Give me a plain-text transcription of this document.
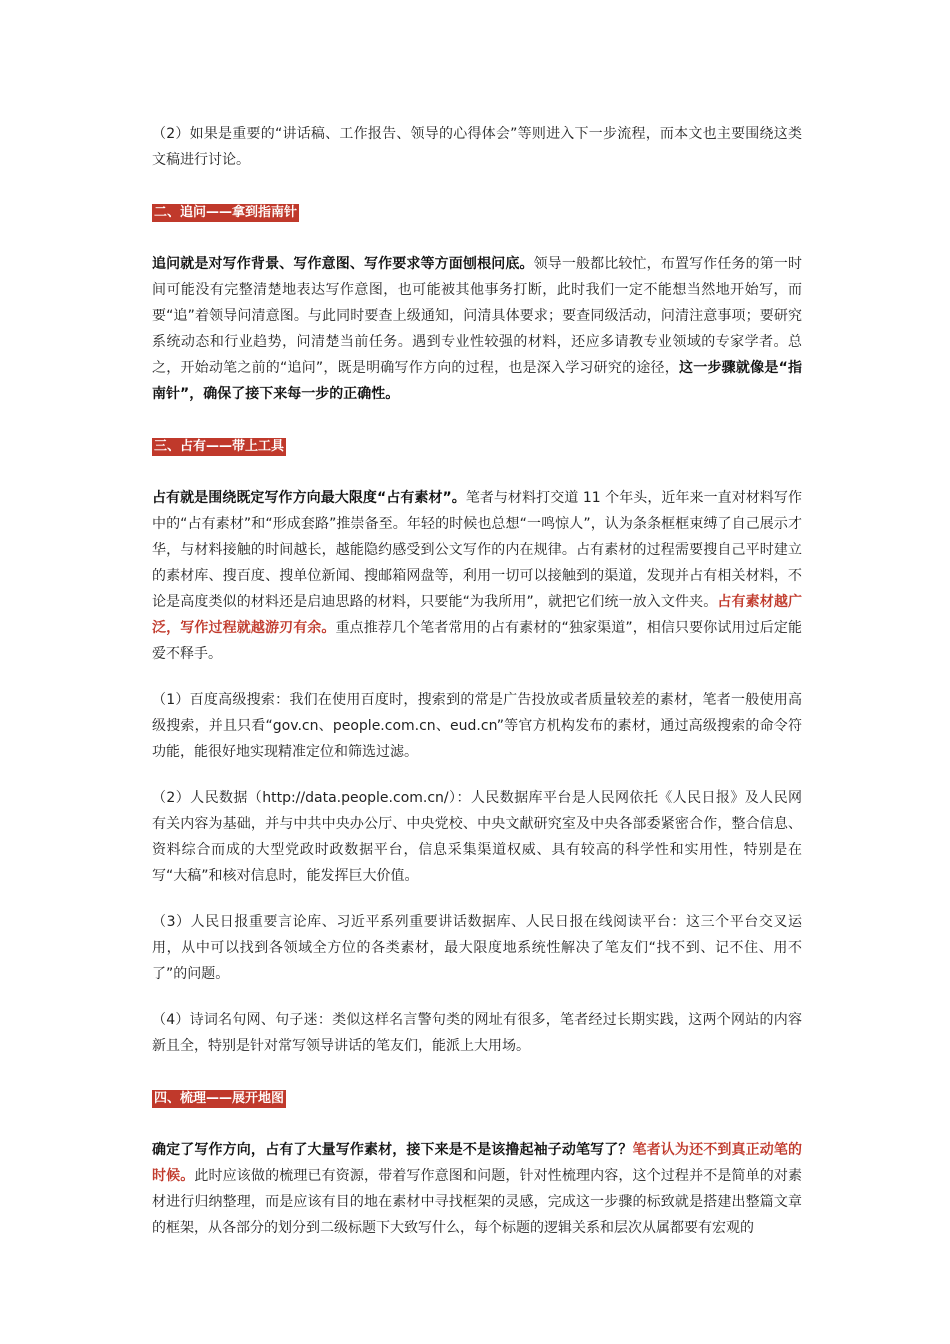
（2）如果是重要的“讲话稿、工作报告、领导的心得体会”等则进入下一步流程，而本文也主要围绕这类文稿进行讨论。

二、追问——拿到指南针

追问就是对写作背景、写作意图、写作要求等方面刨根问底。领导一般都比较忙，布置写作任务的第一时间可能没有完整清楚地表达写作意图，也可能被其他事务打断，此时我们一定不能想当然地开始写，而要“追”着领导问清意图。与此同时要查上级通知，问清具体要求；要查同级活动，问清注意事项；要研究系统动态和行业趋势，问清楚当前任务。遇到专业性较强的材料，还应多请教专业领域的专家学者。总之，开始动笔之前的“追问”，既是明确写作方向的过程，也是深入学习研究的途径，这一步骤就像是“指南针”，确保了接下来每一步的正确性。

三、占有——带上工具

占有就是围绕既定写作方向最大限度“占有素材”。笔者与材料打交道 11 个年头，近年来一直对材料写作中的“占有素材”和“形成套路”推崇备至。年轻的时候也总想“一鸣惊人”，认为条条框框束缚了自己展示才华，与材料接触的时间越长，越能隐约感受到公文写作的内在规律。占有素材的过程需要搜自己平时建立的素材库、搜百度、搜单位新闻、搜邮箱网盘等，利用一切可以接触到的渠道，发现并占有相关材料，不论是高度类似的材料还是启迪思路的材料，只要能“为我所用”，就把它们统一放入文件夹。占有素材越广泛，写作过程就越游刃有余。重点推荐几个笔者常用的占有素材的“独家渠道”，相信只要你试用过后定能爱不释手。

（1）百度高级搜索：我们在使用百度时，搜索到的常是广告投放或者质量较差的素材，笔者一般使用高级搜索，并且只看“gov.cn、people.com.cn、eud.cn”等官方机构发布的素材，通过高级搜索的命令符功能，能很好地实现精准定位和筛选过滤。

（2）人民数据（http://data.people.com.cn/）：人民数据库平台是人民网依托《人民日报》及人民网有关内容为基础，并与中共中央办公厅、中央党校、中央文献研究室及中央各部委紧密合作，整合信息、资料综合而成的大型党政时政数据平台，信息采集渠道权威、具有较高的科学性和实用性，特别是在写“大稿”和核对信息时，能发挥巨大价值。

（3）人民日报重要言论库、习近平系列重要讲话数据库、人民日报在线阅读平台：这三个平台交叉运用，从中可以找到各领域全方位的各类素材，最大限度地系统性解决了笔友们“找不到、记不住、用不了”的问题。

（4）诗词名句网、句子迷：类似这样名言警句类的网址有很多，笔者经过长期实践，这两个网站的内容新且全，特别是针对常写领导讲话的笔友们，能派上大用场。

四、梳理——展开地图

确定了写作方向，占有了大量写作素材，接下来是不是该撸起袖子动笔写了？笔者认为还不到真正动笔的时候。此时应该做的梳理已有资源，带着写作意图和问题，针对性梳理内容，这个过程并不是简单的对素材进行归纳整理，而是应该有目的地在素材中寻找框架的灵感，完成这一步骤的标致就是搭建出整篇文章的框架，从各部分的划分到二级标题下大致写什么，每个标题的逻辑关系和层次从属都要有宏观的
